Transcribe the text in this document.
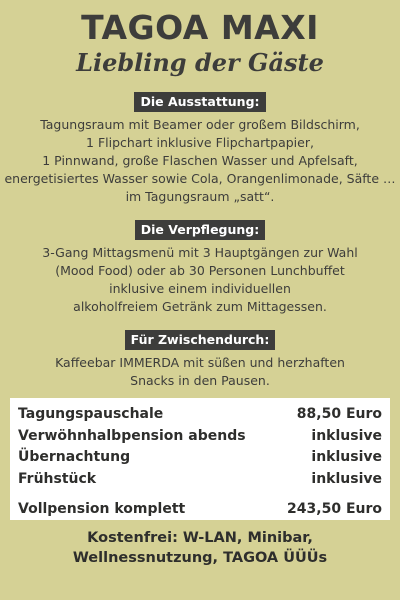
TAGOA MAXI
Liebling der Gäste
Die Ausstattung:

Tagungsraum mit Beamer oder großem Bildschirm,
1 Flipchart inklusive Flipchartpapier,
1 Pinnwand, große Flaschen Wasser und Apfelsaft,
energetisiertes Wasser sowie Cola, Orangenlimonade, Säfte …
im Tagungsraum „satt“.

Die Verpflegung:

3-Gang Mittagsmenü mit 3 Hauptgängen zur Wahl
(Mood Food) oder ab 30 Personen Lunchbuffet
inklusive einem individuellen
alkoholfreiem Getränk zum Mittagessen.

Für Zwischendurch:

Kaffeebar IMMERDA mit süßen und herzhaften
Snacks in den Pausen.

Tagungspauschale	88,50 Euro
Verwöhnhalbpension abends	inklusive
Übernachtung	inklusive
Frühstück	inklusive
Vollpension komplett	243,50 Euro
Kostenfrei: W-LAN, Minibar,
Wellnessnutzung, TAGOA ÜÜÜs
